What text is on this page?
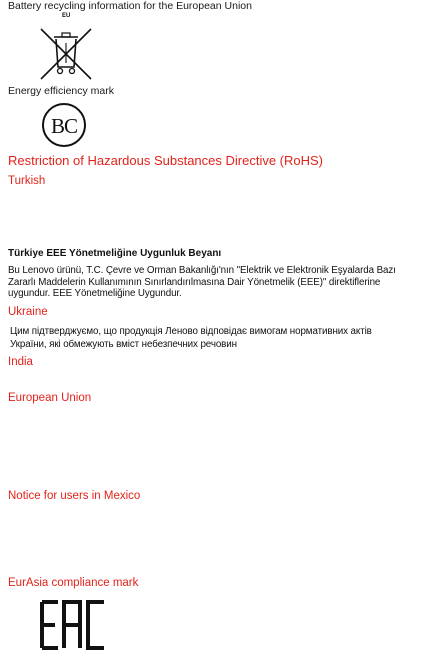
Battery recycling information for the European Union
EU
Energy efficiency mark
BC
Restriction of Hazardous Substances Directive (RoHS)
Turkish
Türkiye EEE Yönetmeliğine Uygunluk Beyanı
Bu Lenovo ürünü, T.C. Çevre ve Orman Bakanlığı'nın "Elektrik ve Elektronik Eşyalarda Bazı
Zararlı Maddelerin Kullanımının Sınırlandırılmasına Dair Yönetmelik (EEE)" direktiflerine
uygundur. EEE Yönetmeliğine Uygundur.
Ukraine
Цим підтверджуємо, що продукція Леново відповідає вимогам нормативних актів
України, які обмежують вміст небезпечних речовин
India
European Union
Notice for users in Mexico
EurAsia compliance mark
